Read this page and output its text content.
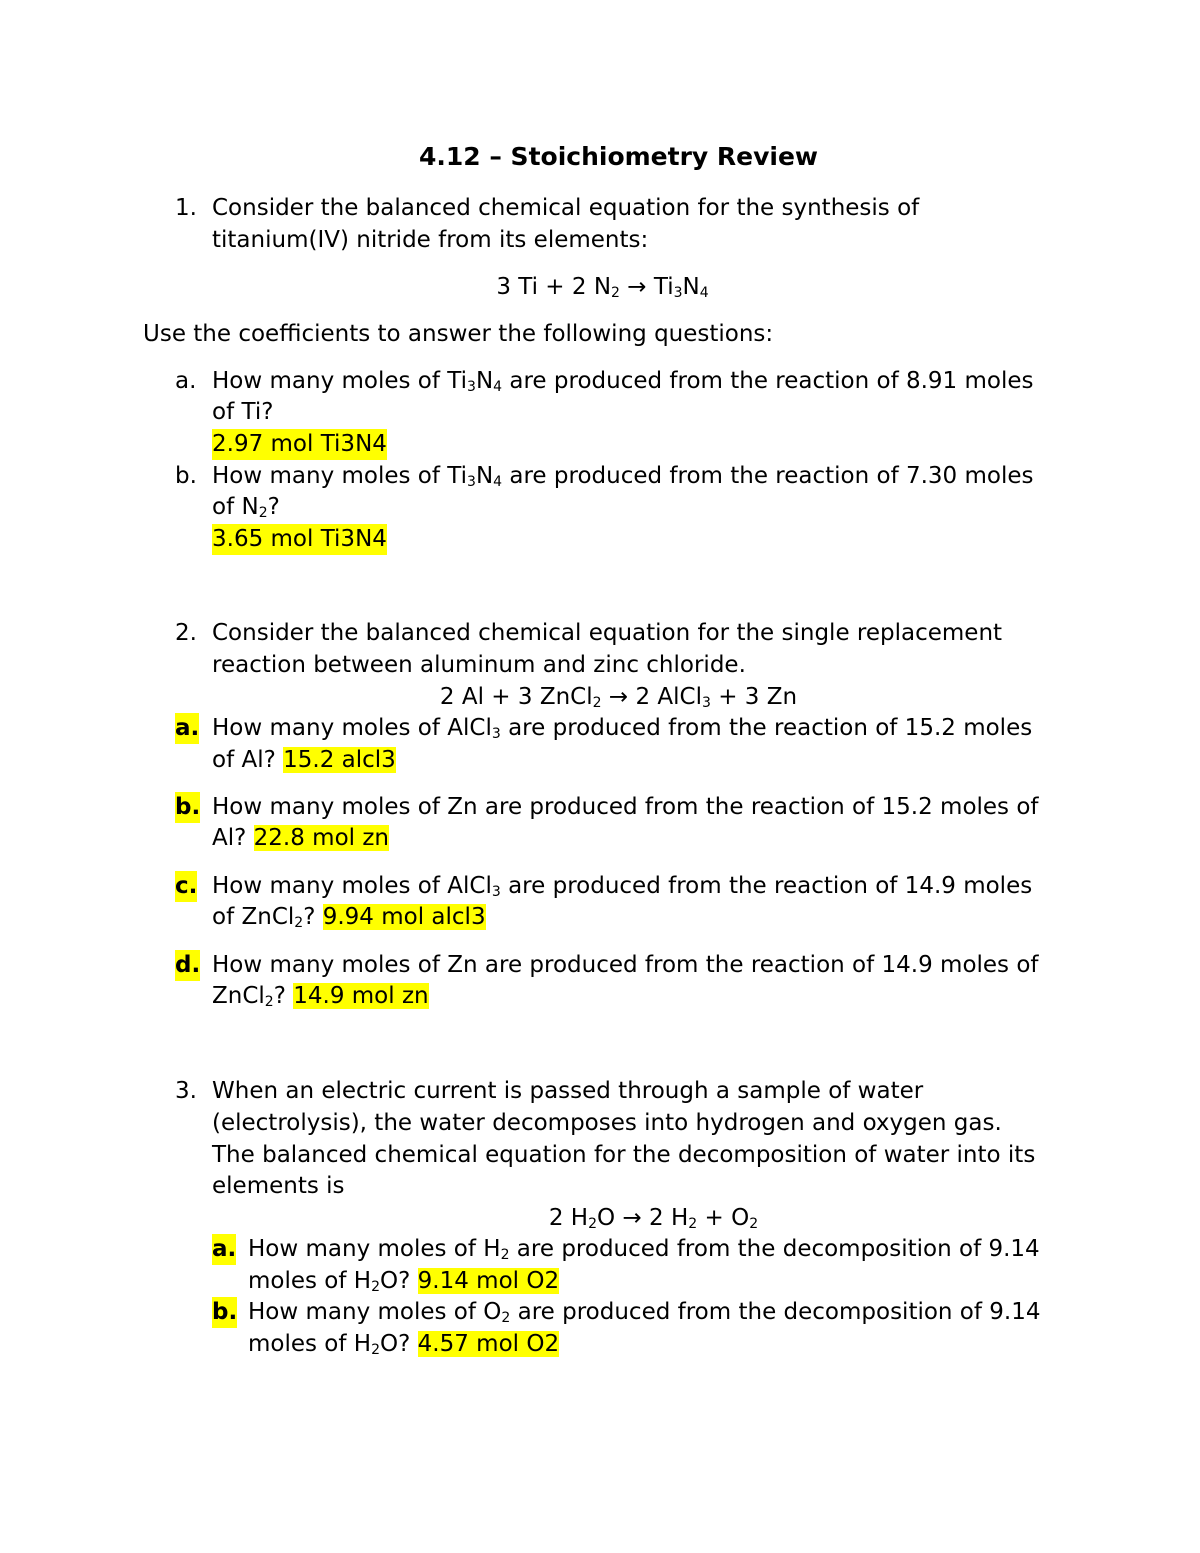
4.12 – Stoichiometry Review
1. Consider the balanced chemical equation for the synthesis of
titanium(IV) nitride from its elements:
3 Ti + 2 $N_2 \to Ti_3N_4$
Use the coefficients to answer the following questions:
a. How many moles of $Ti_3N_4$ are produced from the reaction of 8.91 moles
of Ti?
2.97 mol Ti3N4
b. How many moles of $Ti_3N_4$ are produced from the reaction of 7.30 moles
of $N_2$?
3.65 mol Ti3N4
2. Consider the balanced chemical equation for the single replacement
reaction between aluminum and zinc chloride.
2 Al + 3 ZnCl$_2$ → 2 AlCl$_3$ + 3 Zn
a. How many moles of AlCl$_3$ are produced from the reaction of 15.2 moles
of Al? 15.2 alcl3
b. How many moles of Zn are produced from the reaction of 15.2 moles of
Al? 22.8 mol zn
c. How many moles of AlCl$_3$ are produced from the reaction of 14.9 moles
of ZnCl$_2$? 9.94 mol alcl3
d. How many moles of Zn are produced from the reaction of 14.9 moles of
ZnCl$_2$? 14.9 mol zn
3. When an electric current is passed through a sample of water
(electrolysis), the water decomposes into hydrogen and oxygen gas.
The balanced chemical equation for the decomposition of water into its
elements is
2 $H_2O \to 2$ $H_2 + O_2$
a. How many moles of $H_2$ are produced from the decomposition of 9.14
moles of $H_2O$? 9.14 mol O2
b. How many moles of $O_2$ are produced from the decomposition of 9.14
moles of $H_2O$? 4.57 mol O2
